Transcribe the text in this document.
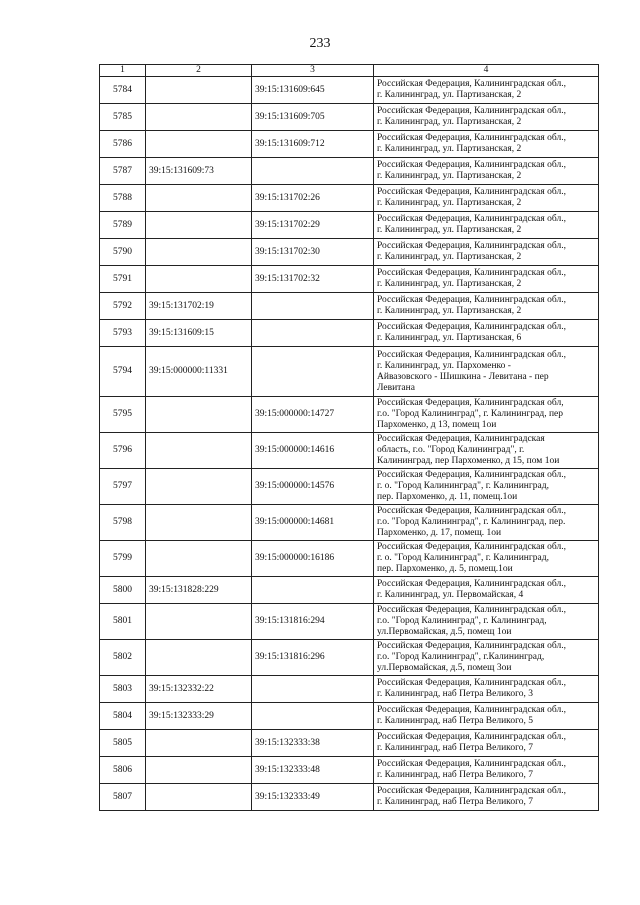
233
1	2	3	4
5784		39:15:131609:645	Российская Федерация, Калининградская обл.,
г. Калининград, ул. Партизанская, 2
5785		39:15:131609:705	Российская Федерация, Калининградская обл.,
г. Калининград, ул. Партизанская, 2
5786		39:15:131609:712	Российская Федерация, Калининградская обл.,
г. Калининград, ул. Партизанская, 2
5787	39:15:131609:73		Российская Федерация, Калининградская обл.,
г. Калининград, ул. Партизанская, 2
5788		39:15:131702:26	Российская Федерация, Калининградская обл.,
г. Калининград, ул. Партизанская, 2
5789		39:15:131702:29	Российская Федерация, Калининградская обл.,
г. Калининград, ул. Партизанская, 2
5790		39:15:131702:30	Российская Федерация, Калининградская обл.,
г. Калининград, ул. Партизанская, 2
5791		39:15:131702:32	Российская Федерация, Калининградская обл.,
г. Калининград, ул. Партизанская, 2
5792	39:15:131702:19		Российская Федерация, Калининградская обл.,
г. Калининград, ул. Партизанская, 2
5793	39:15:131609:15		Российская Федерация, Калининградская обл.,
г. Калининград, ул. Партизанская, 6
5794	39:15:000000:11331		Российская Федерация, Калининградская обл.,
г. Калининград, ул. Пархоменко -
Айвазовского - Шишкина - Левитана - пер
Левитана
5795		39:15:000000:14727	Российская Федерация, Калининградская обл,
г.о. "Город Калининград", г. Калининград, пер
Пархоменко, д 13, помещ 1ои
5796		39:15:000000:14616	Российская Федерация, Калининградская
область, г.о. "Город Калининград", г.
Калининград, пер Пархоменко, д 15, пом 1ои
5797		39:15:000000:14576	Российская Федерация, Калининградская обл.,
г. о. "Город Калининград", г. Калининград,
пер. Пархоменко, д. 11, помещ.1ои
5798		39:15:000000:14681	Российская Федерация, Калининградская обл.,
г.о. "Город Калининград", г. Калининград, пер.
Пархоменко, д. 17, помещ. 1ои
5799		39:15:000000:16186	Российская Федерация, Калининградская обл.,
г. о. "Город Калининград", г. Калининград,
пер. Пархоменко, д. 5, помещ.1ои
5800	39:15:131828:229		Российская Федерация, Калининградская обл.,
г. Калининград, ул. Первомайская, 4
5801		39:15:131816:294	Российская Федерация, Калининградская обл.,
г.о. "Город Калининград", г. Калининград,
ул.Первомайская, д.5, помещ 1ои
5802		39:15:131816:296	Российская Федерация, Калининградская обл.,
г.о. "Город Калининград", г.Калининград,
ул.Первомайская, д.5, помещ 3ои
5803	39:15:132332:22		Российская Федерация, Калининградская обл.,
г. Калининград, наб Петра Великого, 3
5804	39:15:132333:29		Российская Федерация, Калининградская обл.,
г. Калининград, наб Петра Великого, 5
5805		39:15:132333:38	Российская Федерация, Калининградская обл.,
г. Калининград, наб Петра Великого, 7
5806		39:15:132333:48	Российская Федерация, Калининградская обл.,
г. Калининград, наб Петра Великого, 7
5807		39:15:132333:49	Российская Федерация, Калининградская обл.,
г. Калининград, наб Петра Великого, 7
